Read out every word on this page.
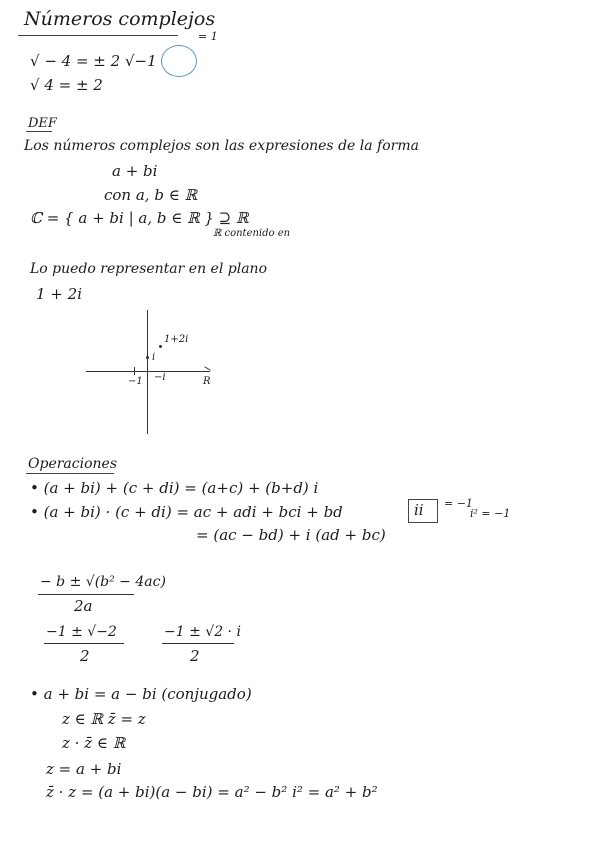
Números complejos
√ − 4 = ± 2 √−1
= 1
√ 4 = ± 2
DEF
Los números complejos son las expresiones de la forma
a + bi
con a, b ∈ ℝ
ℂ = { a + bi | a, b ∈ ℝ } ⊇ ℝ
ℝ contenido en
Lo puedo representar en el plano
1 + 2i
1+2i
i
−1 −i	R
Operaciones
• (a + bi) + (c + di) = (a+c) + (b+d) i
• (a + bi) · (c + di) = ac + adi + bci + bd	ii = −1
i² = −1
= (ac − bd) + i (ad + bc)
− b ± √(b² − 4ac)
2a
−1 ± √−2
2
−1 ± √2 · i
2
• a + bi = a − bi (conjugado)
z ∈ ℝ z̄ = z
z · z̄ ∈ ℝ
z = a + bi
z̄ · z = (a + bi)(a − bi) = a² − b² i² = a² + b²
